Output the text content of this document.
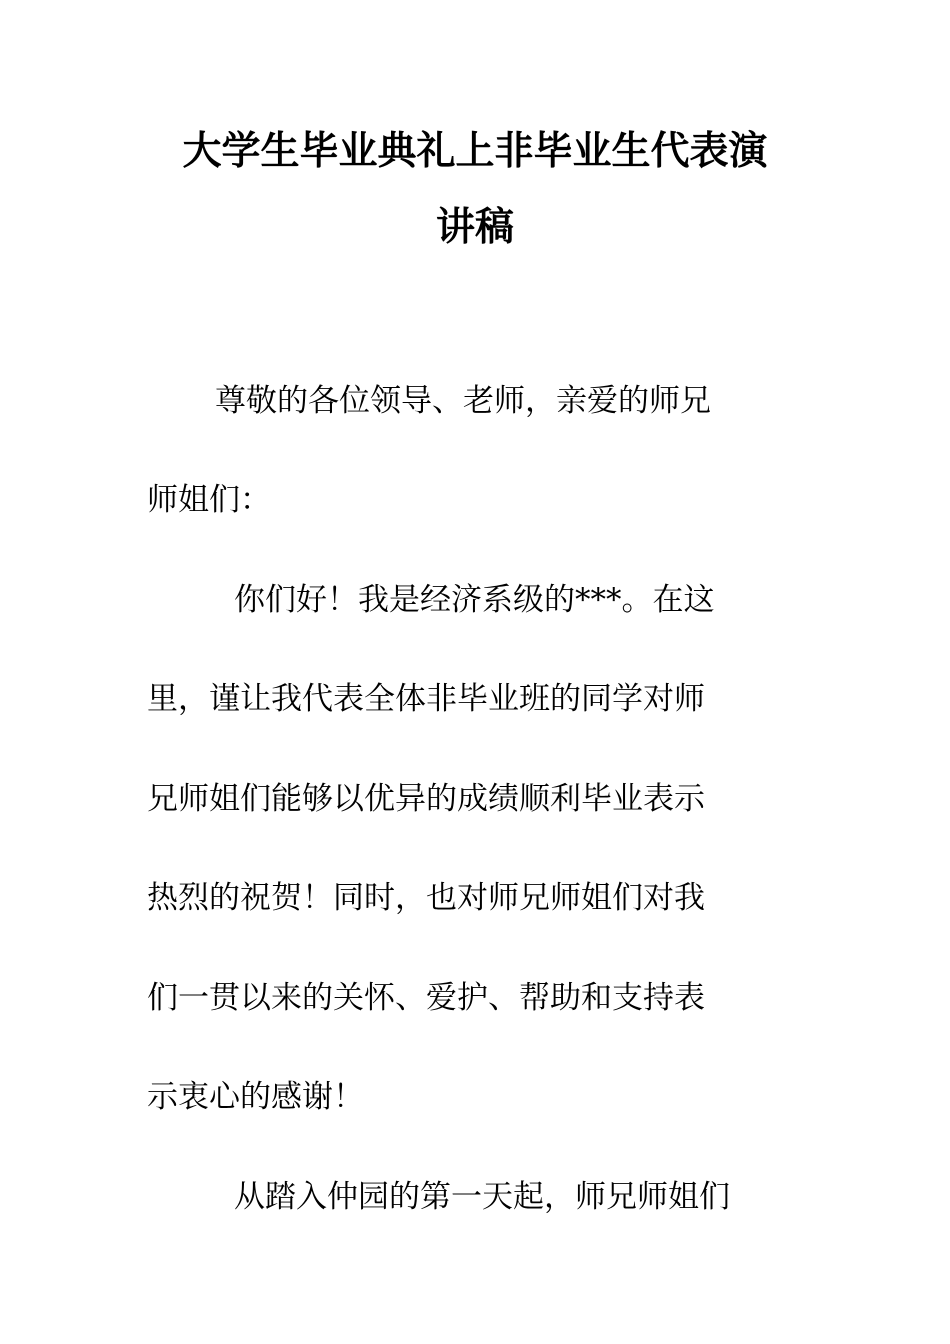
大学生毕业典礼上非毕业生代表演
讲稿
尊敬的各位领导、老师，亲爱的师兄
师姐们：
你们好！我是经济系级的***。在这
里，谨让我代表全体非毕业班的同学对师
兄师姐们能够以优异的成绩顺利毕业表示
热烈的祝贺！同时，也对师兄师姐们对我
们一贯以来的关怀、爱护、帮助和支持表
示衷心的感谢！
从踏入仲园的第一天起，师兄师姐们
